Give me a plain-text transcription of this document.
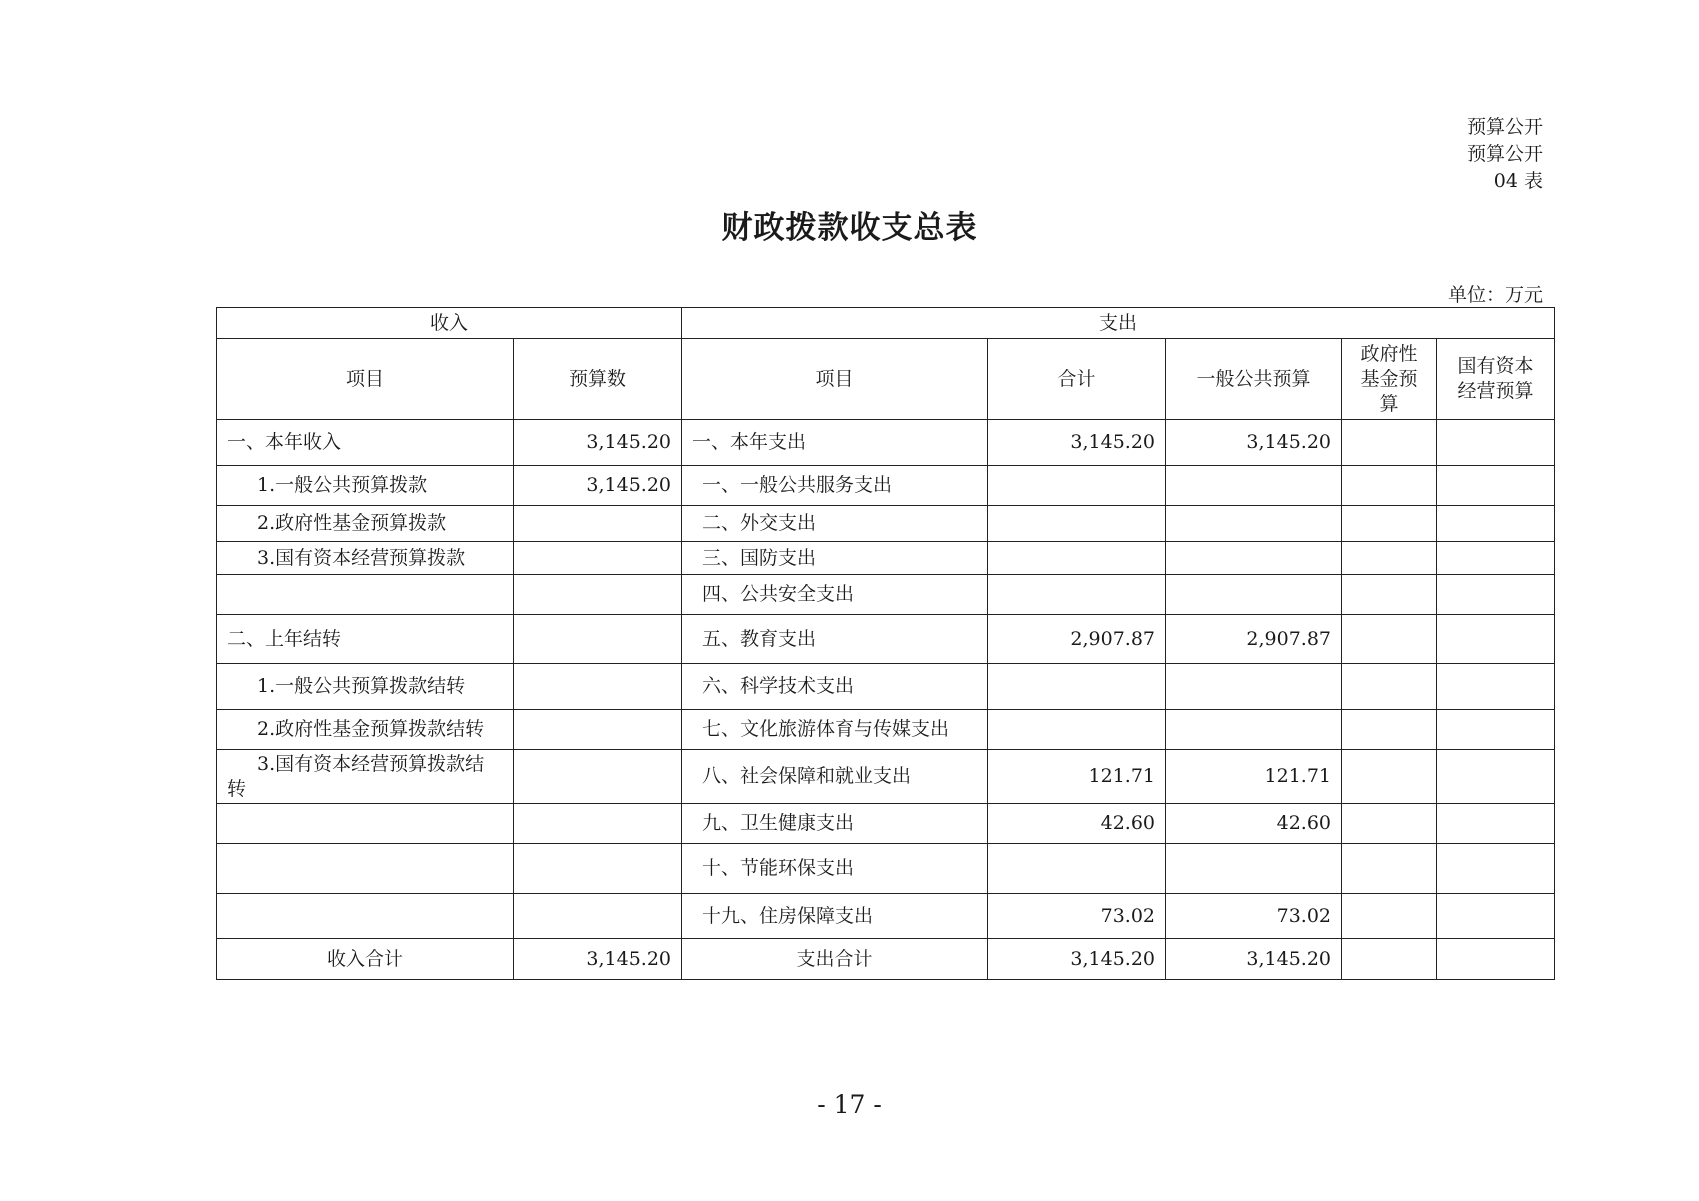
预算公开
预算公开
04 表
财政拨款收支总表
单位：万元
收入		支出				
项目	预算数	项目	合计	一般公共预算	政府性基金预算	国有资本经营预算
一、本年收入	3,145.20	一、本年支出	3,145.20	3,145.20		
1.一般公共预算拨款	3,145.20	一、一般公共服务支出				
2.政府性基金预算拨款		二、外交支出				
3.国有资本经营预算拨款		三、国防支出				
		四、公共安全支出				
二、上年结转		五、教育支出	2,907.87	2,907.87		
1.一般公共预算拨款结转		六、科学技术支出				
2.政府性基金预算拨款结转		七、文化旅游体育与传媒支出				
3.国有资本经营预算拨款结转		八、社会保障和就业支出	121.71	121.71		
		九、卫生健康支出	42.60	42.60		
		十、节能环保支出				
		十九、住房保障支出	73.02	73.02		
收入合计	3,145.20	支出合计	3,145.20	3,145.20		
- 17 -
